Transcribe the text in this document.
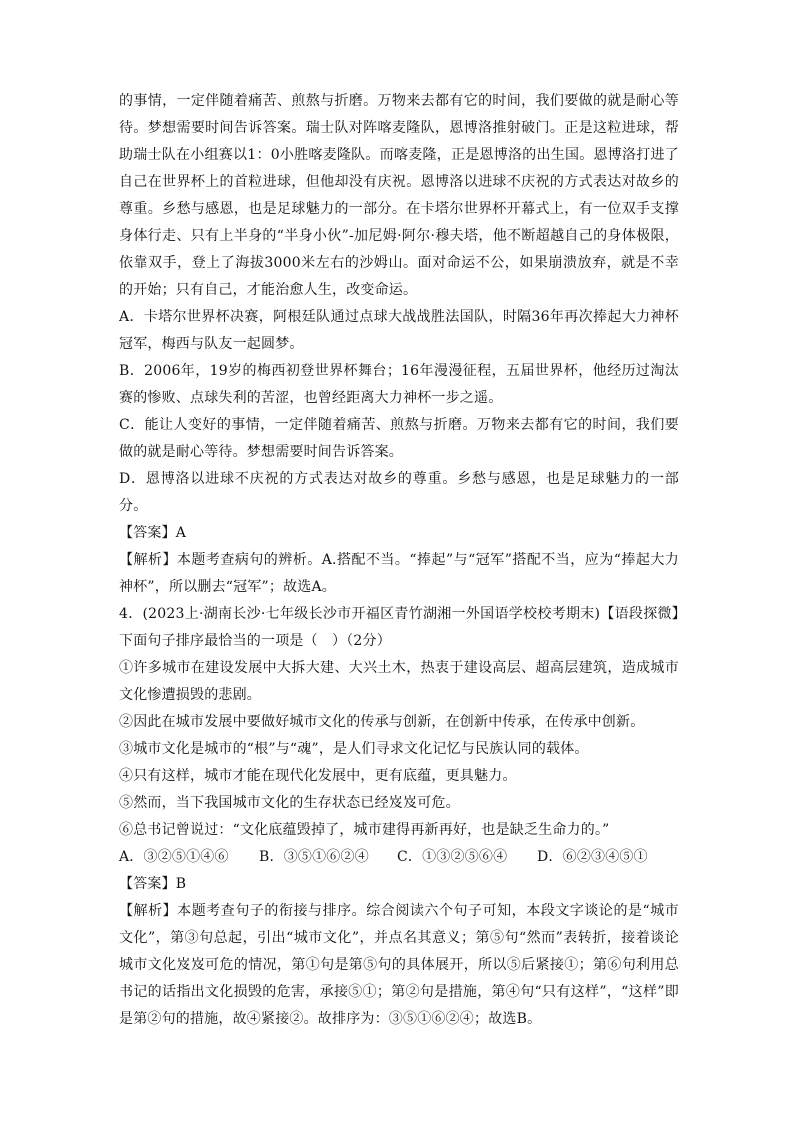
的事情，一定伴随着痛苦、煎熬与折磨。万物来去都有它的时间，我们要做的就是耐心等待。梦想需要时间告诉答案。瑞士队对阵喀麦隆队，恩博洛推射破门。正是这粒进球，帮助瑞士队在小组赛以1：0小胜喀麦隆队。而喀麦隆，正是恩博洛的出生国。恩博洛打进了自己在世界杯上的首粒进球，但他却没有庆祝。恩博洛以进球不庆祝的方式表达对故乡的尊重。乡愁与感恩，也是足球魅力的一部分。在卡塔尔世界杯开幕式上，有一位双手支撑身体行走、只有上半身的“半身小伙”-加尼姆·阿尔·穆夫塔，他不断超越自己的身体极限，依靠双手，登上了海拔3000米左右的沙姆山。面对命运不公，如果崩溃放弃，就是不幸的开始；只有自己，才能治愈人生，改变命运。

A．卡塔尔世界杯决赛，阿根廷队通过点球大战战胜法国队，时隔36年再次捧起大力神杯冠军，梅西与队友一起圆梦。

B．2006年，19岁的梅西初登世界杯舞台；16年漫漫征程，五届世界杯，他经历过淘汰赛的惨败、点球失利的苦涩，也曾经距离大力神杯一步之遥。

C．能让人变好的事情，一定伴随着痛苦、煎熬与折磨。万物来去都有它的时间，我们要做的就是耐心等待。梦想需要时间告诉答案。

D．恩博洛以进球不庆祝的方式表达对故乡的尊重。乡愁与感恩，也是足球魅力的一部分。

【答案】A

【解析】本题考查病句的辨析。A.搭配不当。“捧起”与“冠军”搭配不当，应为“捧起大力神杯”，所以删去“冠军”；故选A。

4．(2023上·湖南长沙·七年级长沙市开福区青竹湖湘一外国语学校校考期末)【语段探微】下面句子排序最恰当的一项是（　）（2分）

①许多城市在建设发展中大拆大建、大兴土木，热衷于建设高层、超高层建筑，造成城市文化惨遭损毁的悲剧。

②因此在城市发展中要做好城市文化的传承与创新，在创新中传承，在传承中创新。

③城市文化是城市的“根”与“魂”，是人们寻求文化记忆与民族认同的载体。

④只有这样，城市才能在现代化发展中，更有底蕴，更具魅力。

⑤然而，当下我国城市文化的生存状态已经岌岌可危。

⑥总书记曾说过：“文化底蕴毁掉了，城市建得再新再好，也是缺乏生命力的。”

A．③②⑤①④⑥	B．③⑤①⑥②④	C．①③②⑤⑥④	D．⑥②③④⑤①

【答案】B

【解析】本题考查句子的衔接与排序。综合阅读六个句子可知，本段文字谈论的是“城市文化”，第③句总起，引出“城市文化”，并点名其意义；第⑤句“然而”表转折，接着谈论城市文化岌岌可危的情况，第①句是第⑤句的具体展开，所以⑤后紧接①；第⑥句利用总书记的话指出文化损毁的危害，承接⑤①；第②句是措施，第④句“只有这样”，“这样”即是第②句的措施，故④紧接②。故排序为：③⑤①⑥②④；故选B。
